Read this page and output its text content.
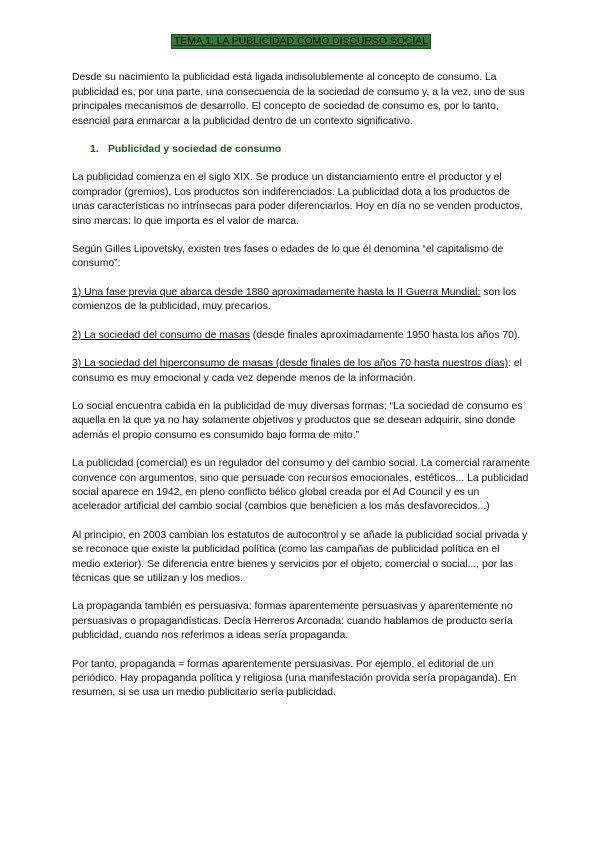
TEMA 1: LA PUBLICIDAD COMO DISCURSO SOCIAL

Desde su nacimiento la publicidad está ligada indisolublemente al concepto de consumo. La publicidad es, por una parte, una consecuencia de la sociedad de consumo y, a la vez, uno de sus principales mecanismos de desarrollo. El concepto de sociedad de consumo es, por lo tanto, esencial para enmarcar a la publicidad dentro de un contexto significativo.

1. Publicidad y sociedad de consumo

La publicidad comienza en el siglo XIX. Se produce un distanciamiento entre el productor y el comprador (gremios), Los productos son indiferenciados. La publicidad dota a los productos de unas características no intrínsecas para poder diferenciarlos. Hoy en día no se venden productos, sino marcas: lo que importa es el valor de marca.

Según Gilles Lipovetsky, existen tres fases o edades de lo que él denomina “el capitalismo de consumo”:

1) Una fase previa que abarca desde 1880 aproximadamente hasta la II Guerra Mundial: son los comienzos de la publicidad, muy precarios.

2) La sociedad del consumo de masas (desde finales aproximadamente 1950 hasta los años 70).

3) La sociedad del hiperconsumo de masas (desde finales de los años 70 hasta nuestros días): el consumo es muy emocional y cada vez depende menos de la información.

Lo social encuentra cabida en la publicidad de muy diversas formas: “La sociedad de consumo es aquella en la que ya no hay solamente objetivos y productos que se desean adquirir, sino donde además el propio consumo es consumido bajo forma de mito.”

La publicidad (comercial) es un regulador del consumo y del cambio social. La comercial raramente convence con argumentos, sino que persuade con recursos emocionales, estéticos... La publicidad social aparece en 1942, en pleno conflicto bélico global creada por el Ad Council y es un acelerador artificial del cambio social (cambios que beneficien a los más desfavorecidos...)

Al principio, en 2003 cambian los estatutos de autocontrol y se añade la publicidad social privada y se reconoce que existe la publicidad política (como las campañas de publicidad política en el medio exterior). Se diferencia entre bienes y servicios por el objeto, comercial o social..., por las técnicas que se utilizan y los medios.

La propaganda también es persuasiva: formas aparentemente persuasivas y aparentemente no persuasivas o propagandísticas. Decía Herreros Arconada: cuando hablamos de producto sería publicidad, cuando nos referimos a ideas sería propaganda.

Por tanto, propaganda = formas aparentemente persuasivas. Por ejemplo, el editorial de un periódico. Hay propaganda política y religiosa (una manifestación provida sería propaganda). En resumen, si se usa un medio publicitario sería publicidad.
